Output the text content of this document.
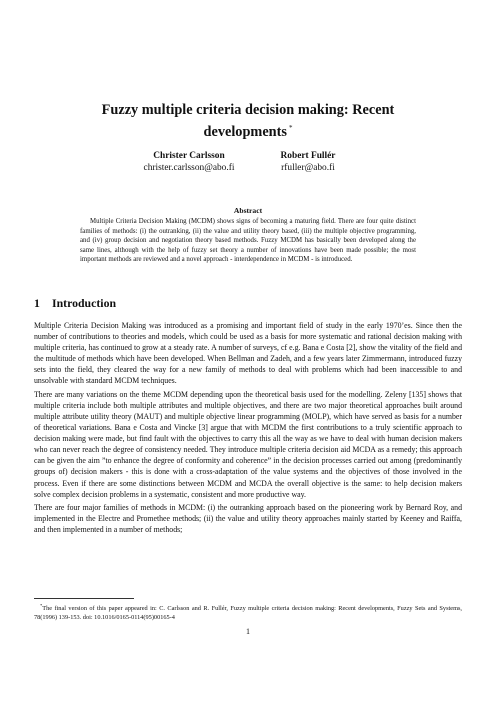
Fuzzy multiple criteria decision making: Recent developments *
Christer Carlsson
christer.carlsson@abo.fi
Robert Fullér
rfuller@abo.fi
Abstract

Multiple Criteria Decision Making (MCDM) shows signs of becoming a maturing field. There are four quite distinct families of methods: (i) the outranking, (ii) the value and utility theory based, (iii) the multiple objective programming, and (iv) group decision and negotiation theory based methods. Fuzzy MCDM has basically been developed along the same lines, although with the help of fuzzy set theory a number of innovations have been made possible; the most important methods are reviewed and a novel approach - interdependence in MCDM - is introduced.

1 Introduction

Multiple Criteria Decision Making was introduced as a promising and important field of study in the early 1970’es. Since then the number of contributions to theories and models, which could be used as a basis for more systematic and rational decision making with multiple criteria, has continued to grow at a steady rate. A number of surveys, cf e.g. Bana e Costa [2], show the vitality of the field and the multitude of methods which have been developed. When Bellman and Zadeh, and a few years later Zimmermann, introduced fuzzy sets into the field, they cleared the way for a new family of methods to deal with problems which had been inaccessible to and unsolvable with standard MCDM techniques.

There are many variations on the theme MCDM depending upon the theoretical basis used for the modelling. Zeleny [135] shows that multiple criteria include both multiple attributes and multiple objectives, and there are two major theoretical approaches built around multiple attribute utility theory (MAUT) and multiple objective linear programming (MOLP), which have served as basis for a number of theoretical variations. Bana e Costa and Vincke [3] argue that with MCDM the first contributions to a truly scientific approach to decision making were made, but find fault with the objectives to carry this all the way as we have to deal with human decision makers who can never reach the degree of consistency needed. They introduce multiple criteria decision aid MCDA as a remedy; this approach can be given the aim ”to enhance the degree of conformity and coherence” in the decision processes carried out among (predominantly groups of) decision makers - this is done with a cross-adaptation of the value systems and the objectives of those involved in the process. Even if there are some distinctions between MCDM and MCDA the overall objective is the same: to help decision makers solve complex decision problems in a systematic, consistent and more productive way.

There are four major families of methods in MCDM: (i) the outranking approach based on the pioneering work by Bernard Roy, and implemented in the Electre and Promethee methods; (ii) the value and utility theory approaches mainly started by Keeney and Raiffa, and then implemented in a number of methods;

*The final version of this paper appeared in: C. Carlsson and R. Fullér, Fuzzy multiple criteria decision making: Recent developments, Fuzzy Sets and Systems, 78(1996) 139-153. doi: 10.1016/0165-0114(95)00165-4

1
